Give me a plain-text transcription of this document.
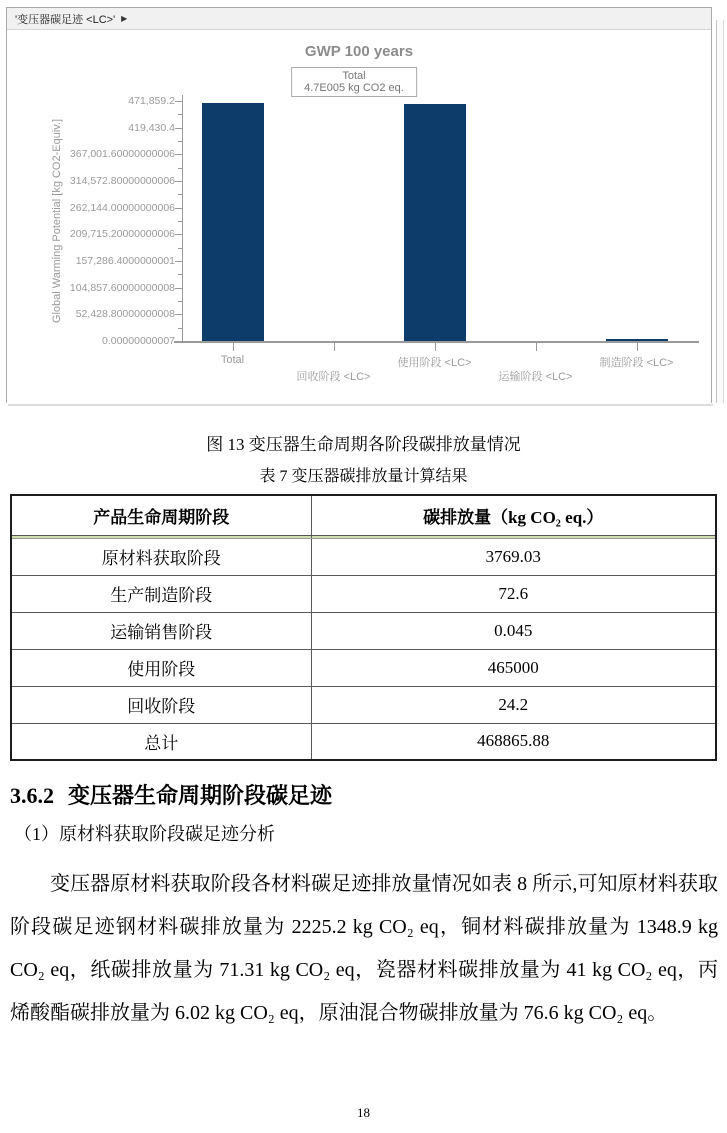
'变压器碳足迹 <LC>' ▶
GWP 100 years
Total
4.7E005 kg CO2 eq.
Global Warming Potential [kg CO2-Equiv.]
0.00000000007
52,428.80000000008
104,857.60000000008
157,286.4000000001
209,715.20000000006
262,144.00000000006
314,572.80000000006
367,001.60000000006
419,430.4
471,859.2
Total
回收阶段 <LC>
使用阶段 <LC>
运输阶段 <LC>
制造阶段 <LC>
图 13 变压器生命周期各阶段碳排放量情况
表 7 变压器碳排放量计算结果
产品生命周期阶段	碳排放量（kg CO₂ eq.）

原材料获取阶段	3769.03
生产制造阶段	72.6
运输销售阶段	0.045
使用阶段	465000
回收阶段	24.2
总计	468865.88
3.6.2 变压器生命周期阶段碳足迹
（1）原材料获取阶段碳足迹分析
变压器原材料获取阶段各材料碳足迹排放量情况如表 8 所示,可知原材料获取阶段碳足迹钢材料碳排放量为 2225.2 kg CO₂ eq，铜材料碳排放量为 1348.9 kg CO₂ eq，纸碳排放量为 71.31 kg CO₂ eq，瓷器材料碳排放量为 41 kg CO₂ eq，丙烯酸酯碳排放量为 6.02 kg CO₂ eq，原油混合物碳排放量为 76.6 kg CO₂ eq。
18
